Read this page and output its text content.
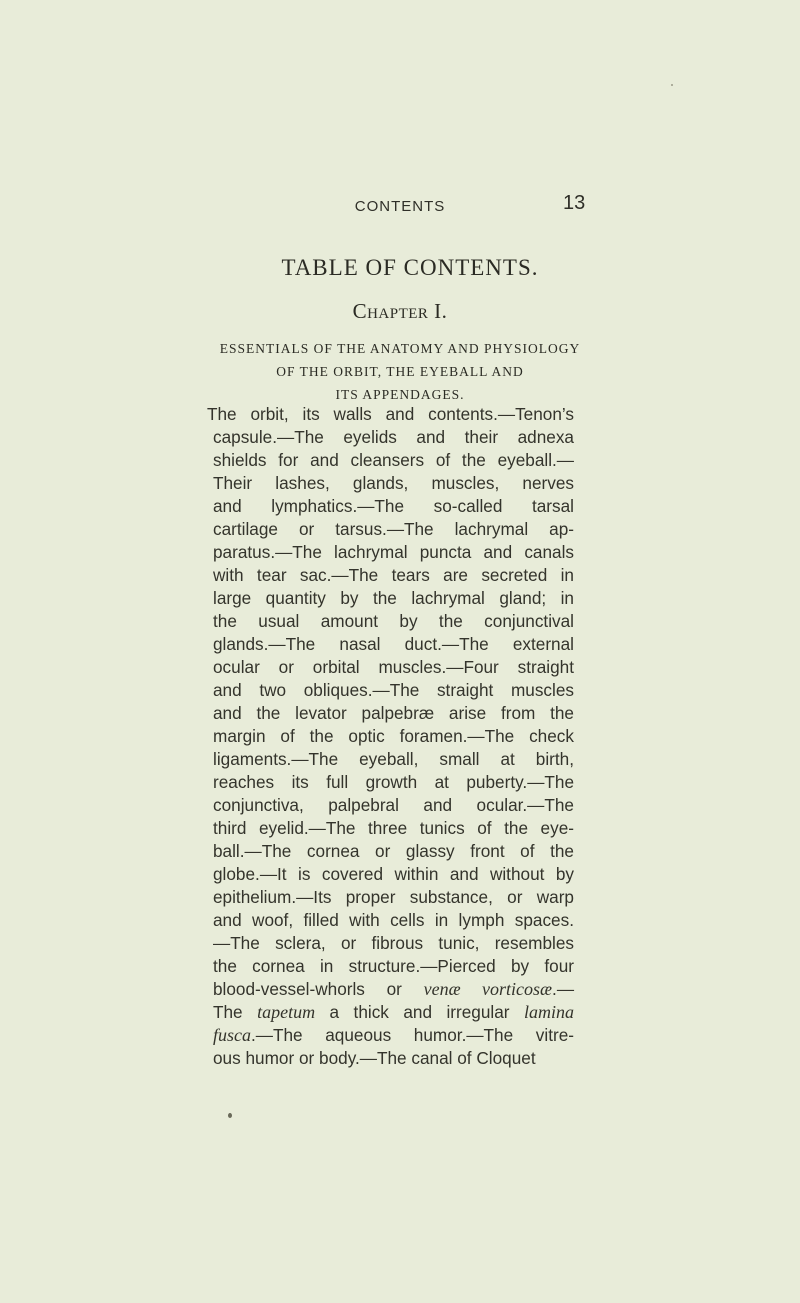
CONTENTS	13
TABLE OF CONTENTS.
Chapter I.
ESSENTIALS OF THE ANATOMY AND PHYSIOLOGY
OF THE ORBIT, THE EYEBALL AND
ITS APPENDAGES.
The orbit, its walls and contents.—Tenon’s
capsule.—The eyelids and their adnexa
shields for and cleansers of the eyeball.—
Their lashes, glands, muscles, nerves
and lymphatics.—The so-called tarsal
cartilage or tarsus.—The lachrymal ap-
paratus.—The lachrymal puncta and canals
with tear sac.—The tears are secreted in
large quantity by the lachrymal gland; in
the usual amount by the conjunctival
glands.—The nasal duct.—The external
ocular or orbital muscles.—Four straight
and two obliques.—The straight muscles
and the levator palpebræ arise from the
margin of the optic foramen.—The check
ligaments.—The eyeball, small at birth,
reaches its full growth at puberty.—The
conjunctiva, palpebral and ocular.—The
third eyelid.—The three tunics of the eye-
ball.—The cornea or glassy front of the
globe.—It is covered within and without by
epithelium.—Its proper substance, or warp
and woof, filled with cells in lymph spaces.
—The sclera, or fibrous tunic, resembles
the cornea in structure.—Pierced by four
blood-vessel-whorls or venæ vorticosæ.—
The tapetum a thick and irregular lamina
fusca.—The aqueous humor.—The vitre-
ous humor or body.—The canal of Cloquet
